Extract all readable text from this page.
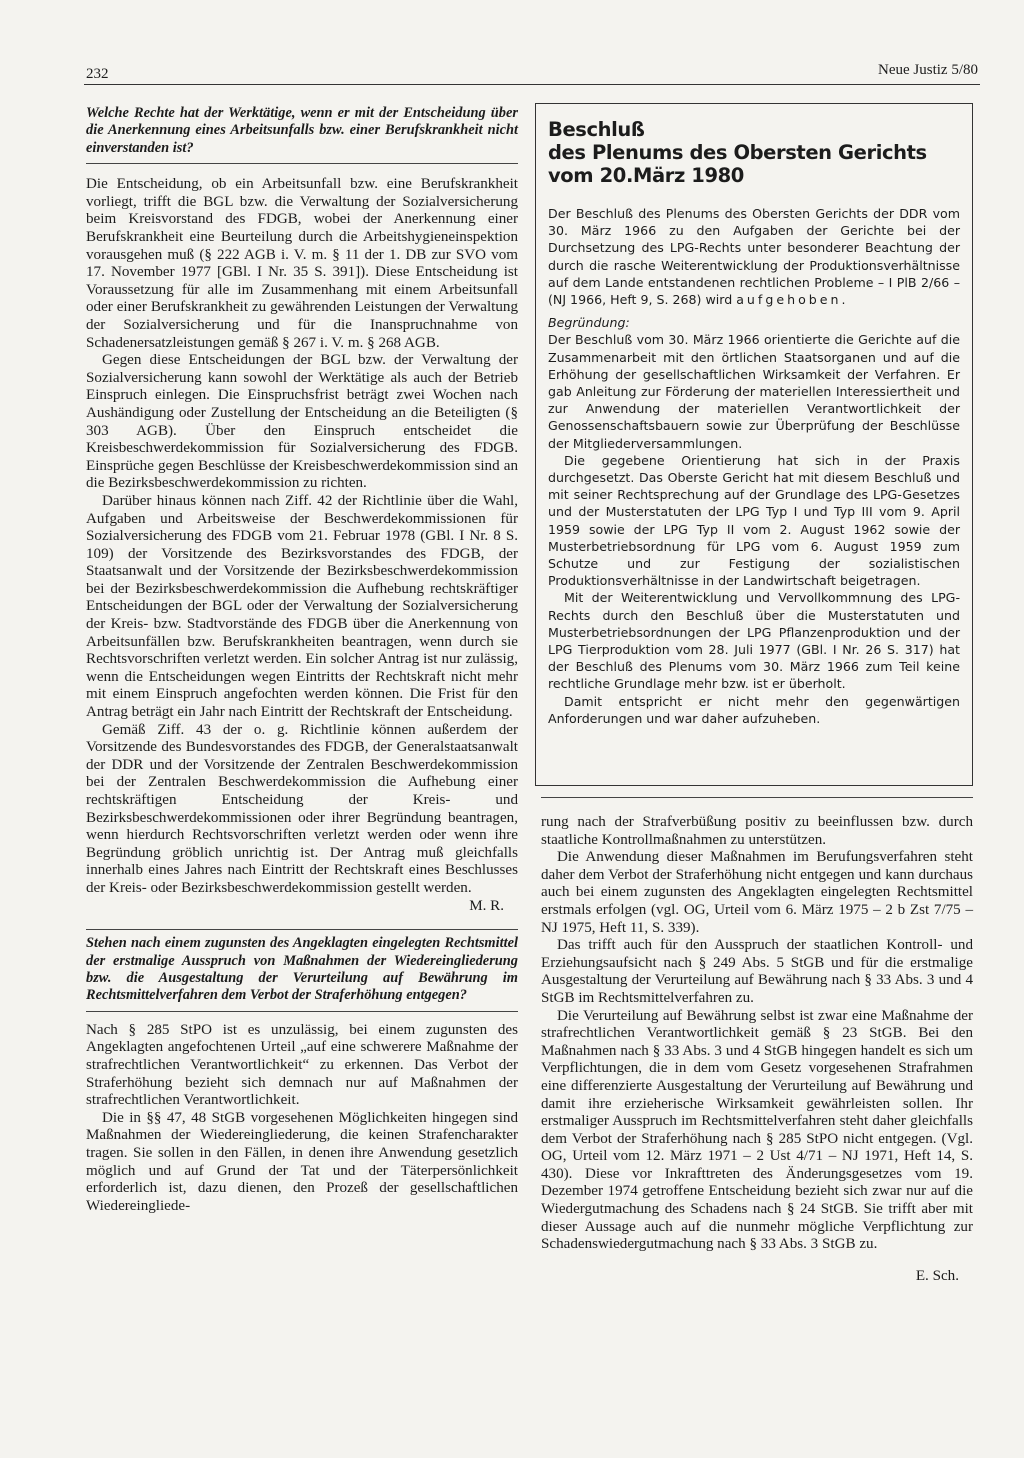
232	Neue Justiz 5/80
Welche Rechte hat der Werktätige, wenn er mit der Entscheidung über die Anerkennung eines Arbeitsunfalls bzw. einer Berufskrankheit nicht einverstanden ist?

Die Entscheidung, ob ein Arbeitsunfall bzw. eine Berufskrankheit vorliegt, trifft die BGL bzw. die Verwaltung der Sozialversicherung beim Kreisvorstand des FDGB, wobei der Anerkennung einer Berufskrankheit eine Beurteilung durch die Arbeitshygieneinspektion vorausgehen muß (§ 222 AGB i. V. m. § 11 der 1. DB zur SVO vom 17. November 1977 [GBl. I Nr. 35 S. 391]). Diese Entscheidung ist Voraussetzung für alle im Zusammenhang mit einem Arbeitsunfall oder einer Berufskrankheit zu gewährenden Leistungen der Verwaltung der Sozialversicherung und für die Inanspruchnahme von Schadenersatzleistungen gemäß § 267 i. V. m. § 268 AGB.

Gegen diese Entscheidungen der BGL bzw. der Verwaltung der Sozialversicherung kann sowohl der Werktätige als auch der Betrieb Einspruch einlegen. Die Einspruchsfrist beträgt zwei Wochen nach Aushändigung oder Zustellung der Entscheidung an die Beteiligten (§ 303 AGB). Über den Einspruch entscheidet die Kreisbeschwerdekommission für Sozialversicherung des FDGB. Einsprüche gegen Beschlüsse der Kreisbeschwerdekommission sind an die Bezirksbeschwerdekommission zu richten.

Darüber hinaus können nach Ziff. 42 der Richtlinie über die Wahl, Aufgaben und Arbeitsweise der Beschwerdekommissionen für Sozialversicherung des FDGB vom 21. Februar 1978 (GBl. I Nr. 8 S. 109) der Vorsitzende des Bezirksvorstandes des FDGB, der Staatsanwalt und der Vorsitzende der Bezirksbeschwerdekommission bei der Bezirksbeschwerdekommission die Aufhebung rechtskräftiger Entscheidungen der BGL oder der Verwaltung der Sozialversicherung der Kreis- bzw. Stadtvorstände des FDGB über die Anerkennung von Arbeitsunfällen bzw. Berufskrankheiten beantragen, wenn durch sie Rechtsvorschriften verletzt werden. Ein solcher Antrag ist nur zulässig, wenn die Entscheidungen wegen Eintritts der Rechtskraft nicht mehr mit einem Einspruch angefochten werden können. Die Frist für den Antrag beträgt ein Jahr nach Eintritt der Rechtskraft der Entscheidung.

Gemäß Ziff. 43 der o. g. Richtlinie können außerdem der Vorsitzende des Bundesvorstandes des FDGB, der Generalstaatsanwalt der DDR und der Vorsitzende der Zentralen Beschwerdekommission bei der Zentralen Beschwerdekommission die Aufhebung einer rechtskräftigen Entscheidung der Kreis- und Bezirksbeschwerdekommissionen oder ihrer Begründung beantragen, wenn hierdurch Rechtsvorschriften verletzt werden oder wenn ihre Begründung gröblich unrichtig ist. Der Antrag muß gleichfalls innerhalb eines Jahres nach Eintritt der Rechtskraft eines Beschlusses der Kreis- oder Bezirksbeschwerdekommission gestellt werden.

M. R.

Stehen nach einem zugunsten des Angeklagten eingelegten Rechtsmittel der erstmalige Ausspruch von Maßnahmen der Wiedereingliederung bzw. die Ausgestaltung der Verurteilung auf Bewährung im Rechtsmittelverfahren dem Verbot der Straferhöhung entgegen?

Nach § 285 StPO ist es unzulässig, bei einem zugunsten des Angeklagten angefochtenen Urteil „auf eine schwerere Maßnahme der strafrechtlichen Verantwortlichkeit“ zu erkennen. Das Verbot der Straferhöhung bezieht sich demnach nur auf Maßnahmen der strafrechtlichen Verantwortlichkeit.

Die in §§ 47, 48 StGB vorgesehenen Möglichkeiten hingegen sind Maßnahmen der Wiedereingliederung, die keinen Strafencharakter tragen. Sie sollen in den Fällen, in denen ihre Anwendung gesetzlich möglich und auf Grund der Tat und der Täterpersönlichkeit erforderlich ist, dazu dienen, den Prozeß der gesellschaftlichen Wiedereingliede-

Beschluß
des Plenums des Obersten Gerichts
vom 20.März 1980

Der Beschluß des Plenums des Obersten Gerichts der DDR vom 30. März 1966 zu den Aufgaben der Gerichte bei der Durchsetzung des LPG-Rechts unter besonderer Beachtung der durch die rasche Weiterentwicklung der Produktionsverhältnisse auf dem Lande entstandenen rechtlichen Probleme – I PlB 2/66 – (NJ 1966, Heft 9, S. 268) wird aufgehoben.

Begründung:

Der Beschluß vom 30. März 1966 orientierte die Gerichte auf die Zusammenarbeit mit den örtlichen Staatsorganen und auf die Erhöhung der gesellschaftlichen Wirksamkeit der Verfahren. Er gab Anleitung zur Förderung der materiellen Interessiertheit und zur Anwendung der materiellen Verantwortlichkeit der Genossenschaftsbauern sowie zur Überprüfung der Beschlüsse der Mitgliederversammlungen.

Die gegebene Orientierung hat sich in der Praxis durchgesetzt. Das Oberste Gericht hat mit diesem Beschluß und mit seiner Rechtsprechung auf der Grundlage des LPG-Gesetzes und der Musterstatuten der LPG Typ I und Typ III vom 9. April 1959 sowie der LPG Typ II vom 2. August 1962 sowie der Musterbetriebsordnung für LPG vom 6. August 1959 zum Schutze und zur Festigung der sozialistischen Produktionsverhältnisse in der Landwirtschaft beigetragen.

Mit der Weiterentwicklung und Vervollkommnung des LPG-Rechts durch den Beschluß über die Musterstatuten und Musterbetriebsordnungen der LPG Pflanzenproduktion und der LPG Tierproduktion vom 28. Juli 1977 (GBl. I Nr. 26 S. 317) hat der Beschluß des Plenums vom 30. März 1966 zum Teil keine rechtliche Grundlage mehr bzw. ist er überholt.

Damit entspricht er nicht mehr den gegenwärtigen Anforderungen und war daher aufzuheben.

rung nach der Strafverbüßung positiv zu beeinflussen bzw. durch staatliche Kontrollmaßnahmen zu unterstützen.

Die Anwendung dieser Maßnahmen im Berufungsverfahren steht daher dem Verbot der Straferhöhung nicht entgegen und kann durchaus auch bei einem zugunsten des Angeklagten eingelegten Rechtsmittel erstmals erfolgen (vgl. OG, Urteil vom 6. März 1975 – 2 b Zst 7/75 – NJ 1975, Heft 11, S. 339).

Das trifft auch für den Ausspruch der staatlichen Kontroll- und Erziehungsaufsicht nach § 249 Abs. 5 StGB und für die erstmalige Ausgestaltung der Verurteilung auf Bewährung nach § 33 Abs. 3 und 4 StGB im Rechtsmittelverfahren zu.

Die Verurteilung auf Bewährung selbst ist zwar eine Maßnahme der strafrechtlichen Verantwortlichkeit gemäß § 23 StGB. Bei den Maßnahmen nach § 33 Abs. 3 und 4 StGB hingegen handelt es sich um Verpflichtungen, die in dem vom Gesetz vorgesehenen Strafrahmen eine differenzierte Ausgestaltung der Verurteilung auf Bewährung und damit ihre erzieherische Wirksamkeit gewährleisten sollen. Ihr erstmaliger Ausspruch im Rechtsmittelverfahren steht daher gleichfalls dem Verbot der Straferhöhung nach § 285 StPO nicht entgegen. (Vgl. OG, Urteil vom 12. März 1971 – 2 Ust 4/71 – NJ 1971, Heft 14, S. 430). Diese vor Inkrafttreten des Änderungsgesetzes vom 19. Dezember 1974 getroffene Entscheidung bezieht sich zwar nur auf die Wiedergutmachung des Schadens nach § 24 StGB. Sie trifft aber mit dieser Aussage auch auf die nunmehr mögliche Verpflichtung zur Schadenswiedergutmachung nach § 33 Abs. 3 StGB zu.

E. Sch.
